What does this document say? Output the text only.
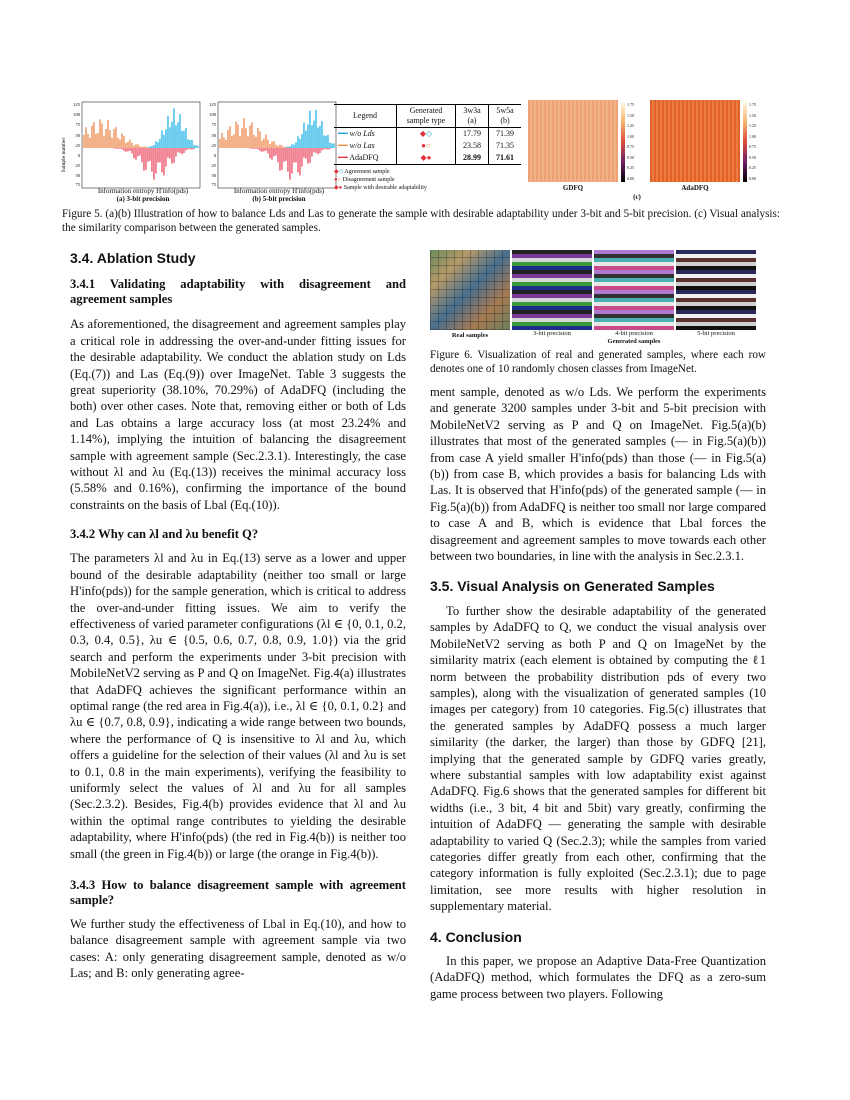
Sample number
125
100
75
50
25
0
25
50
75
125
100
75
50
25
0
25
50
75
Information entropy H'info(pds)
(a) 3-bit precision
Information entropy H'info(pds)
(b) 5-bit precision
Legend	Generated sample type	3w3a (a)	5w5a (b)
━━ w/o Lds	◆◇	17.79	71.39
━━ w/o Las	●○	23.58	71.35
━━ AdaDFQ	◆●	28.99	71.61
◆◇ Agreement sample
●○ Disagreement sample
◆● Sample with desirable adaptability
1.75
1.50
1.25
1.00
0.75
0.50
0.25
0.00
1.75
1.50
1.25
1.00
0.75
0.50
0.25
0.00
GDFQ	AdaDFQ
(c)
Figure 5. (a)(b) Illustration of how to balance Lds and Las to generate the sample with desirable adaptability under 3-bit and 5-bit precision. (c) Visual analysis: the similarity comparison between the generated samples.
3.4. Ablation Study
3.4.1 Validating adaptability with disagreement and agreement samples

As aforementioned, the disagreement and agreement samples play a critical role in addressing the over-and-under fitting issues for the desirable adaptability. We conduct the ablation study on Lds (Eq.(7)) and Las (Eq.(9)) over ImageNet. Table 3 suggests the great superiority (38.10%, 70.29%) of AdaDFQ (including the both) over other cases. Note that, removing either or both of Lds and Las obtains a large accuracy loss (at most 23.24% and 1.14%), implying the intuition of balancing the disagreement sample with agreement sample (Sec.2.3.1). Interestingly, the case without λl and λu (Eq.(13)) receives the minimal accuracy loss (5.58% and 0.16%), confirming the importance of the bound constraints on the basis of Lbal (Eq.(10)).

3.4.2 Why can λl and λu benefit Q?

The parameters λl and λu in Eq.(13) serve as a lower and upper bound of the desirable adaptability (neither too small or large H'info(pds)) for the sample generation, which is critical to address the over-and-under fitting issues. We aim to verify the effectiveness of varied parameter configurations (λl ∈ {0, 0.1, 0.2, 0.3, 0.4, 0.5}, λu ∈ {0.5, 0.6, 0.7, 0.8, 0.9, 1.0}) via the grid search and perform the experiments under 3-bit precision with MobileNetV2 serving as P and Q on ImageNet. Fig.4(a) illustrates that AdaDFQ achieves the significant performance within an optimal range (the red area in Fig.4(a)), i.e., λl ∈ {0, 0.1, 0.2} and λu ∈ {0.7, 0.8, 0.9}, indicating a wide range between two bounds, where the performance of Q is insensitive to λl and λu, which offers a guideline for the selection of their values (λl and λu is set to 0.1, 0.8 in the main experiments), verifying the feasibility to uniformly select the values of λl and λu for all samples (Sec.2.3.2). Besides, Fig.4(b) provides evidence that λl and λu within the optimal range contributes to yielding the desirable adaptability, where H'info(pds) (the red in Fig.4(b)) is neither too small (the green in Fig.4(b)) or large (the orange in Fig.4(b)).

3.4.3 How to balance disagreement sample with agreement sample?

We further study the effectiveness of Lbal in Eq.(10), and how to balance disagreement sample with agreement sample via two cases: A: only generating disagreement sample, denoted as w/o Las; and B: only generating agree-

Real samples	3-bit precision	4-bit precision	5-bit precision
Generated samples

Figure 6. Visualization of real and generated samples, where each row denotes one of 10 randomly chosen classes from ImageNet.

ment sample, denoted as w/o Lds. We perform the experiments and generate 3200 samples under 3-bit and 5-bit precision with MobileNetV2 serving as P and Q on ImageNet. Fig.5(a)(b) illustrates that most of the generated samples (— in Fig.5(a)(b)) from case A yield smaller H'info(pds) than those (— in Fig.5(a)(b)) from case B, which provides a basis for balancing Lds with Las. It is observed that H'info(pds) of the generated sample (— in Fig.5(a)(b)) from AdaDFQ is neither too small nor large compared to case A and B, which is evidence that Lbal forces the disagreement and agreement samples to move towards each other between two boundaries, in line with the analysis in Sec.2.3.1.

3.5. Visual Analysis on Generated Samples

To further show the desirable adaptability of the generated samples by AdaDFQ to Q, we conduct the visual analysis over MobileNetV2 serving as both P and Q on ImageNet by the similarity matrix (each element is obtained by computing the ℓ1 norm between the probability distribution pds of every two samples), along with the visualization of generated samples (10 images per category) from 10 categories. Fig.5(c) illustrates that the generated samples by AdaDFQ possess a much larger similarity (the darker, the larger) than those by GDFQ [21], implying that the generated sample by GDFQ varies greatly, where substantial samples with low adaptability exist against AdaDFQ. Fig.6 shows that the generated samples for different bit widths (i.e., 3 bit, 4 bit and 5bit) vary greatly, confirming the intuition of AdaDFQ — generating the sample with desirable adaptability to varied Q (Sec.2.3); while the samples from varied categories differ greatly from each other, confirming that the category information is fully exploited (Sec.2.3.1); due to page limitation, see more results with higher resolution in supplementary material.

4. Conclusion

In this paper, we propose an Adaptive Data-Free Quantization (AdaDFQ) method, which formulates the DFQ as a zero-sum game process between two players. Following
